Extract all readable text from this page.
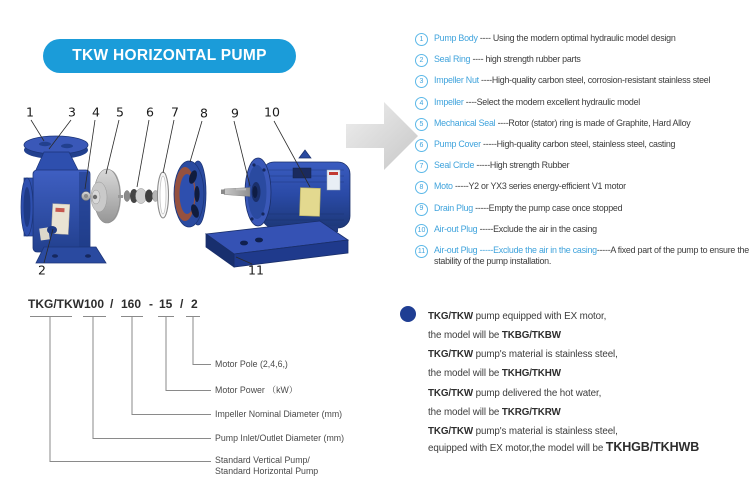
TKW HORIZONTAL PUMP
1
2
3 4 5 6 7 8 9 10
11
1	Pump Body ---- Using the modern optimal hydraulic model design
2	Seal Ring ---- high strength rubber parts
3	Impeller Nut ----High-quality carbon steel, corrosion-resistant stainless steel
4	Impeller ----Select the modern excellent hydraulic model
5	Mechanical Seal ----Rotor (stator) ring is made of Graphite, Hard Alloy
6	Pump Cover -----High-quality carbon steel, stainless steel, casting
7	Seal Circle -----High strength Rubber
8	Moto -----Y2 or YX3 series energy-efficient V1 motor
9	Drain Plug -----Empty the pump case once stopped
10 Air-out Plug -----Exclude the air in the casing
11 Air-out Plug -----Exclude the air in the casing-----A fixed part of the pump to ensure the stability of the pump installation.
TKG/TKW 100 / 160 - 15 / 2
Motor Pole (2,4,6,)
Motor Power （kW）
Impeller Nominal Diameter (mm)
Pump Inlet/Outlet Diameter (mm)
Standard Vertical Pump/
Standard Horizontal Pump
TKG/TKW pump equipped with EX motor,
the model will be TKBG/TKBW
TKG/TKW pump's material is stainless steel,
the model will be TKHG/TKHW
TKG/TKW pump delivered the hot water,
the model will be TKRG/TKRW
TKG/TKW pump's material is stainless steel,
equipped with EX motor,the model will be TKHGB/TKHWB
